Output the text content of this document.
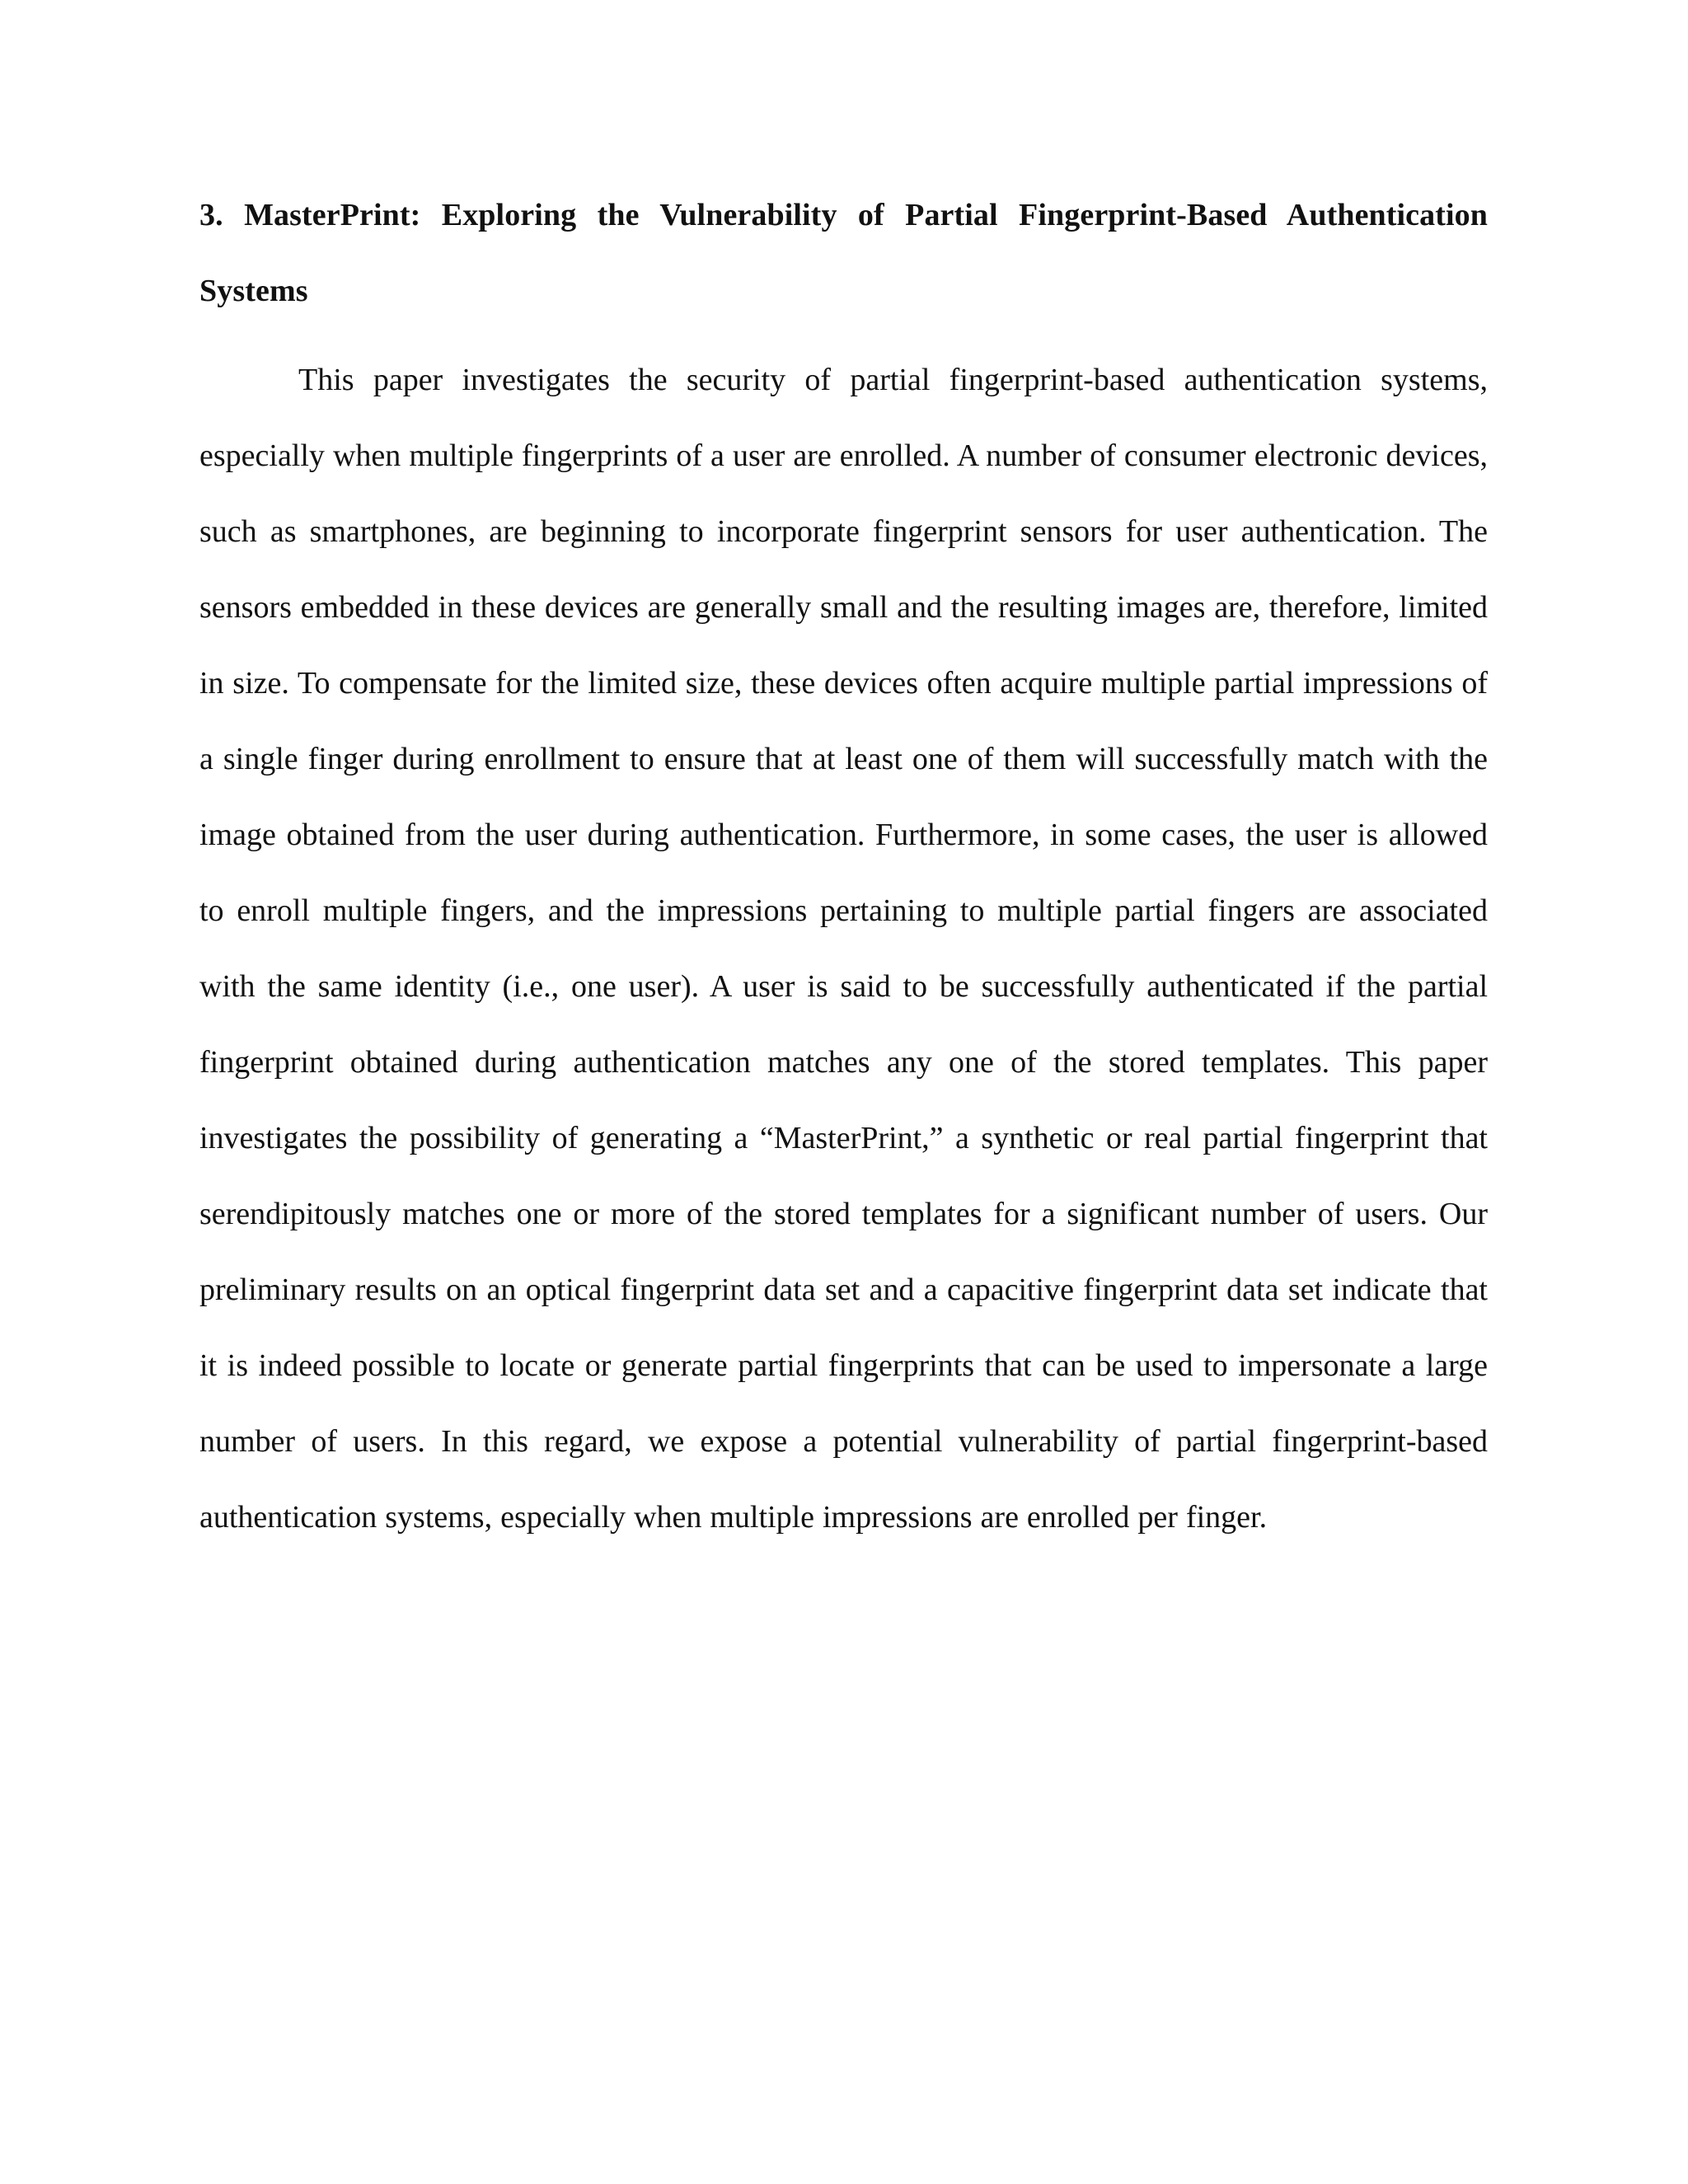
3. MasterPrint: Exploring the Vulnerability of Partial Fingerprint-Based Authentication Systems

This paper investigates the security of partial fingerprint-based authentication systems, especially when multiple fingerprints of a user are enrolled. A number of consumer electronic devices, such as smartphones, are beginning to incorporate fingerprint sensors for user authentication. The sensors embedded in these devices are generally small and the resulting images are, therefore, limited in size. To compensate for the limited size, these devices often acquire multiple partial impressions of a single finger during enrollment to ensure that at least one of them will successfully match with the image obtained from the user during authentication. Furthermore, in some cases, the user is allowed to enroll multiple fingers, and the impressions pertaining to multiple partial fingers are associated with the same identity (i.e., one user). A user is said to be successfully authenticated if the partial fingerprint obtained during authentication matches any one of the stored templates. This paper investigates the possibility of generating a “MasterPrint,” a synthetic or real partial fingerprint that serendipitously matches one or more of the stored templates for a significant number of users. Our preliminary results on an optical fingerprint data set and a capacitive fingerprint data set indicate that it is indeed possible to locate or generate partial fingerprints that can be used to impersonate a large number of users. In this regard, we expose a potential vulnerability of partial fingerprint-based authentication systems, especially when multiple impressions are enrolled per finger.
